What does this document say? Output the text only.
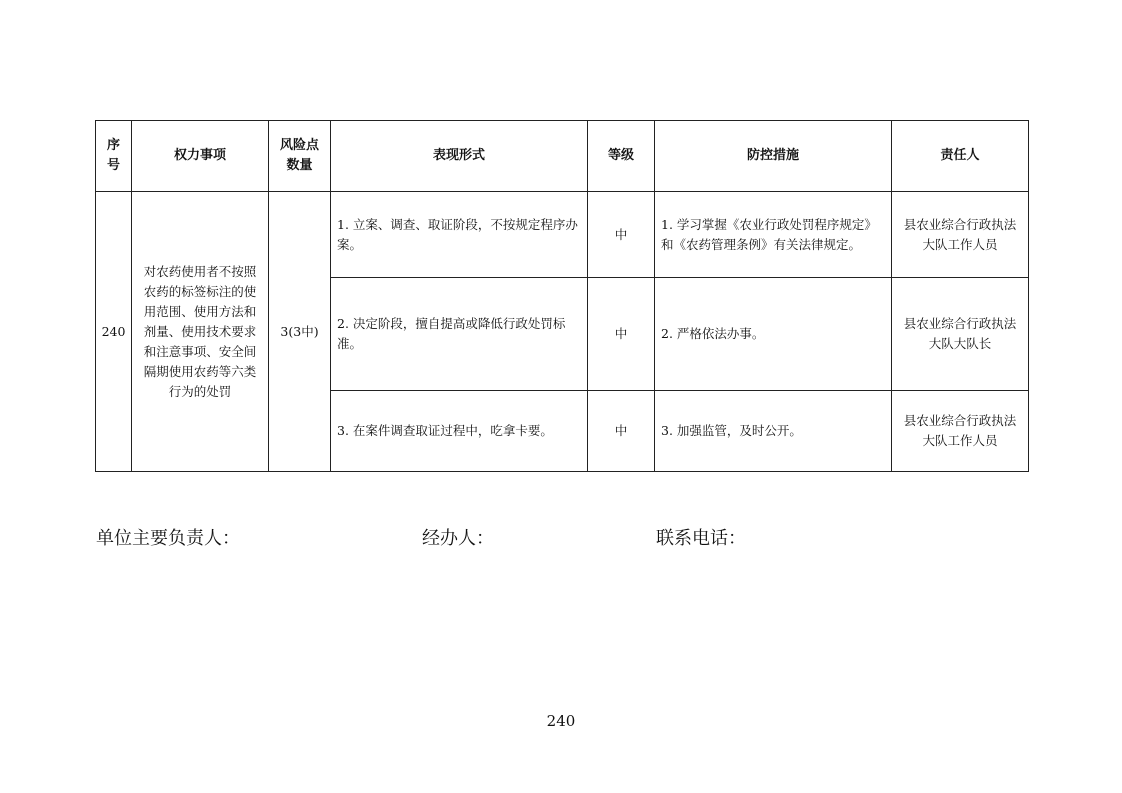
序号	权力事项	风险点数量	表现形式	等级	防控措施	责任人
240	对农药使用者不按照农药的标签标注的使用范围、使用方法和剂量、使用技术要求和注意事项、安全间隔期使用农药等六类行为的处罚	3(3中)	1. 立案、调查、取证阶段，不按规定程序办案。	中	1. 学习掌握《农业行政处罚程序规定》和《农药管理条例》有关法律规定。	县农业综合行政执法大队工作人员
			2. 决定阶段，擅自提高或降低行政处罚标准。	中	2. 严格依法办事。	县农业综合行政执法大队大队长
			3. 在案件调查取证过程中，吃拿卡要。	中	3. 加强监管，及时公开。	县农业综合行政执法大队工作人员
单位主要负责人：	经办人：	联系电话：
240
